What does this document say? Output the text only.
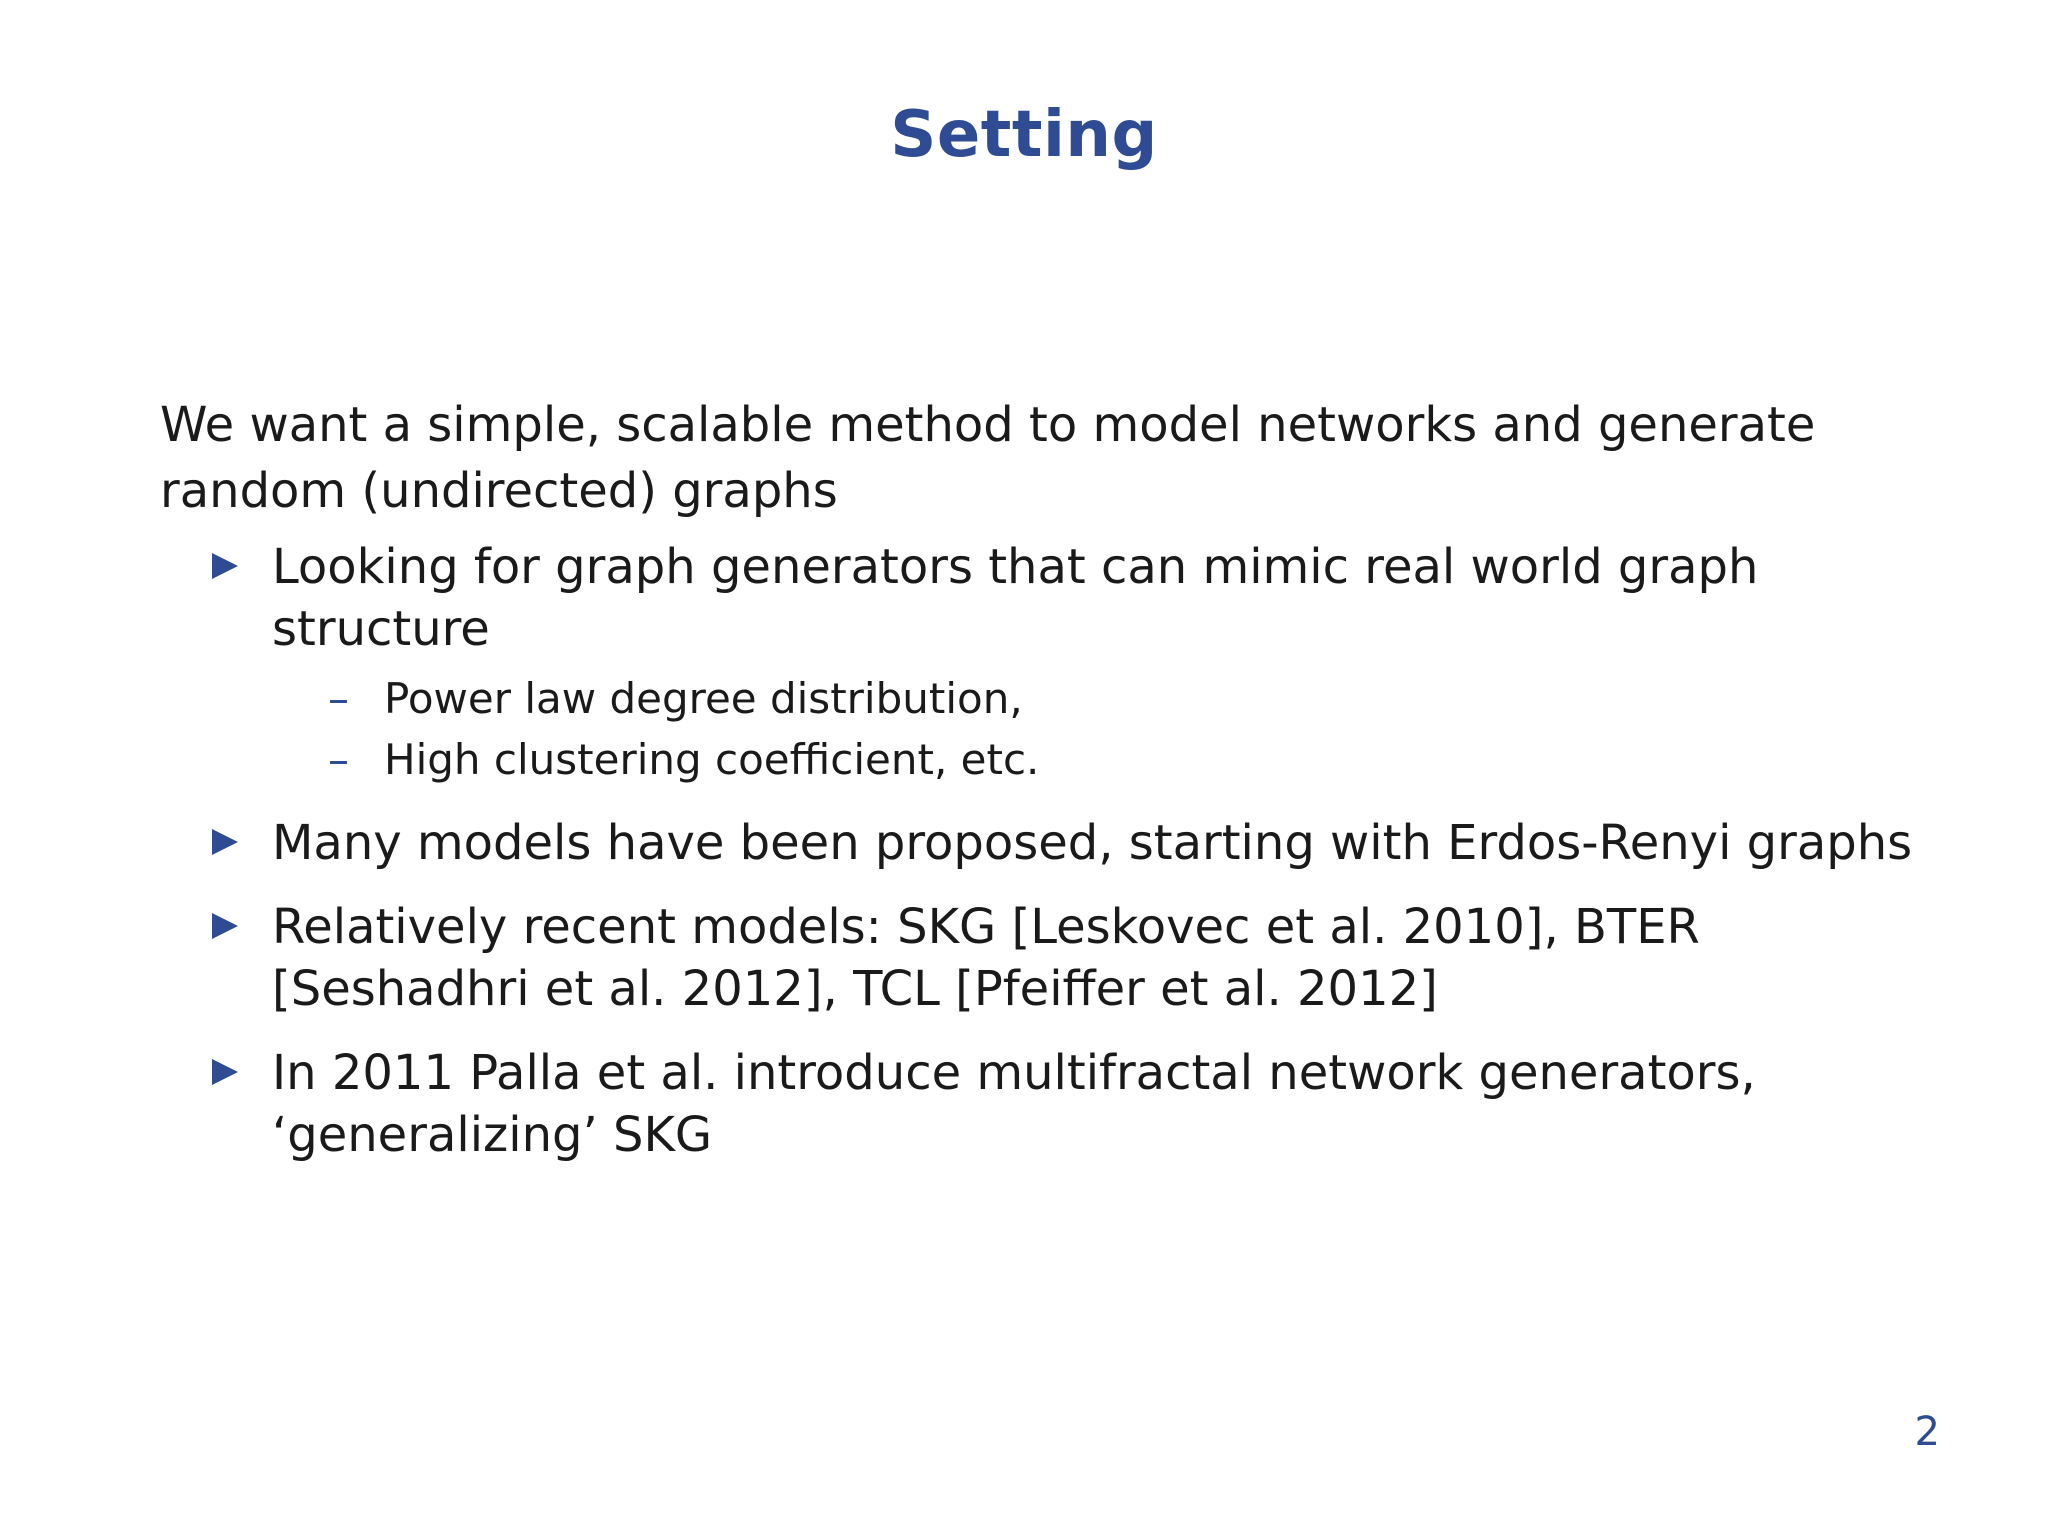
Setting

We want a simple, scalable method to model networks and generate random (undirected) graphs

Looking for graph generators that can mimic real world graph structure
– Power law degree distribution,
– High clustering coefficient, etc.
Many models have been proposed, starting with Erdos-Renyi graphs
Relatively recent models: SKG [Leskovec et al. 2010], BTER [Seshadhri et al. 2012], TCL [Pfeiffer et al. 2012]
In 2011 Palla et al. introduce multifractal network generators, ‘generalizing’ SKG
2
